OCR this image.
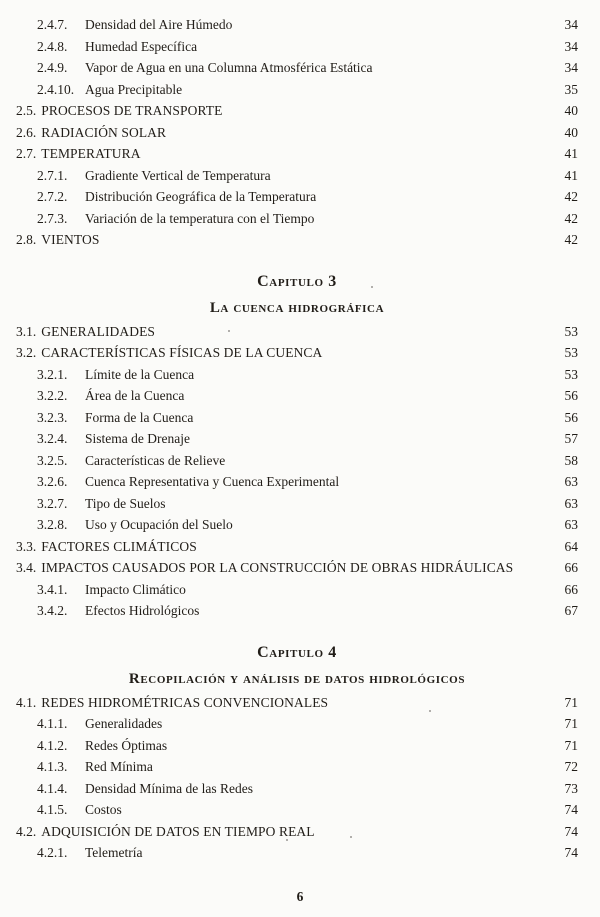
2.4.7.	Densidad del Aire Húmedo	34
2.4.8.	Humedad Específica	34
2.4.9.	Vapor de Agua en una Columna Atmosférica Estática	34
2.4.10. Agua Precipitable	35
2.5. PROCESOS DE TRANSPORTE	40
2.6. RADIACIÓN SOLAR	40
2.7. TEMPERATURA	41
2.7.1.	Gradiente Vertical de Temperatura	41
2.7.2.	Distribución Geográfica de la Temperatura	42
2.7.3.	Variación de la temperatura con el Tiempo	42
2.8. VIENTOS	42
Capitulo 3
La cuenca hidrográfica
3.1. GENERALIDADES	53
3.2. CARACTERÍSTICAS FÍSICAS DE LA CUENCA	53
3.2.1.	Límite de la Cuenca	53
3.2.2.	Área de la Cuenca	56
3.2.3.	Forma de la Cuenca	56
3.2.4.	Sistema de Drenaje	57
3.2.5.	Características de Relieve	58
3.2.6.	Cuenca Representativa y Cuenca Experimental	63
3.2.7.	Tipo de Suelos	63
3.2.8.	Uso y Ocupación del Suelo	63
3.3. FACTORES CLIMÁTICOS	64
3.4. IMPACTOS CAUSADOS POR LA CONSTRUCCIÓN DE OBRAS HIDRÁULICAS	66
3.4.1.	Impacto Climático	66
3.4.2.	Efectos Hidrológicos	67
Capitulo 4
Recopilación y análisis de datos hidrológicos
4.1. REDES HIDROMÉTRICAS CONVENCIONALES	71
4.1.1.	Generalidades	71
4.1.2.	Redes Óptimas	71
4.1.3.	Red Mínima	72
4.1.4.	Densidad Mínima de las Redes	73
4.1.5.	Costos	74
4.2. ADQUISICIÓN DE DATOS EN TIEMPO REAL	74
4.2.1.	Telemetría	74
6
